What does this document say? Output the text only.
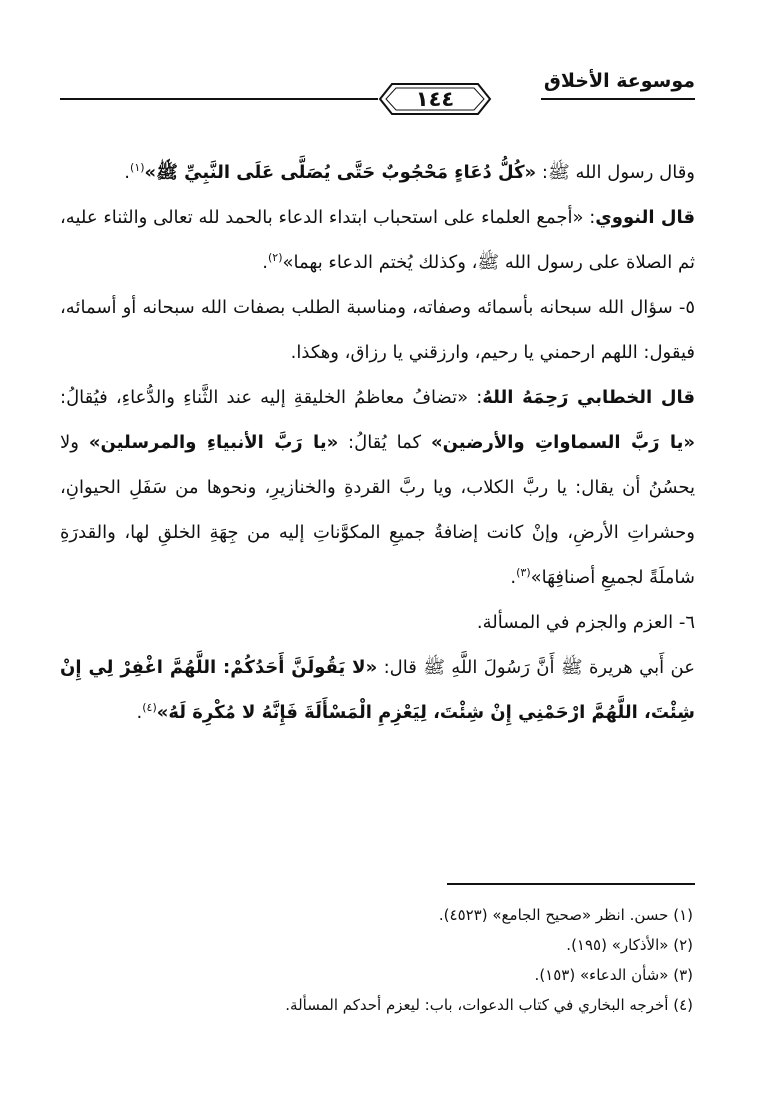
موسوعة الأخلاق
١٤٤

وقال رسول الله ﷺ: «كُلُّ دُعَاءٍ مَحْجُوبٌ حَتَّى يُصَلَّى عَلَى النَّبِيِّ ﷺ»$^{(١)}$.

قال النووي: «أجمع العلماء على استحباب ابتداء الدعاء بالحمد لله تعالى والثناء عليه، ثم الصلاة على رسول الله ﷺ، وكذلك يُختم الدعاء بهما»$^{(٢)}$.

٥- سؤال الله سبحانه بأسمائه وصفاته، ومناسبة الطلب بصفات الله سبحانه أو أسمائه، فيقول: اللهم ارحمني يا رحيم، وارزقني يا رزاق، وهكذا.

قال الخطابي رَحِمَهُ اللهُ: «تضافُ معاظمُ الخليقةِ إليه عند الثَّناءِ والدُّعاءِ، فيُقالُ: «يا رَبَّ السماواتِ والأرضين» كما يُقالُ: «يا رَبَّ الأنبياءِ والمرسلين» ولا يحسُنُ أن يقال: يا ربَّ الكلاب، ويا ربَّ القردةِ والخنازيرِ، ونحوها من سَفَلِ الحيوانِ، وحشراتِ الأرضِ، وإنْ كانت إضافةُ جميعِ المكوَّناتِ إليه من جِهَةِ الخلقِ لها، والقدرَةِ شاملَةً لجميعِ أصنافِهَا»$^{(٣)}$.

٦- العزم والجزم في المسألة.

عن أَبي هريرة ﷺ أَنَّ رَسُولَ اللَّهِ ﷺ قال: «لا يَقُولَنَّ أَحَدُكُمْ: اللَّهُمَّ اغْفِرْ لِي إِنْ شِئْتَ، اللَّهُمَّ ارْحَمْنِي إِنْ شِئْتَ، لِيَعْزِمِ الْمَسْأَلَةَ فَإِنَّهُ لا مُكْرِهَ لَهُ»$^{(٤)}$.

(١) حسن. انظر «صحيح الجامع» (٤٥٢٣).

(٢) «الأذكار» (١٩٥).

(٣) «شأن الدعاء» (١٥٣).

(٤) أخرجه البخاري في كتاب الدعوات، باب: ليعزم أحدكم المسألة.
